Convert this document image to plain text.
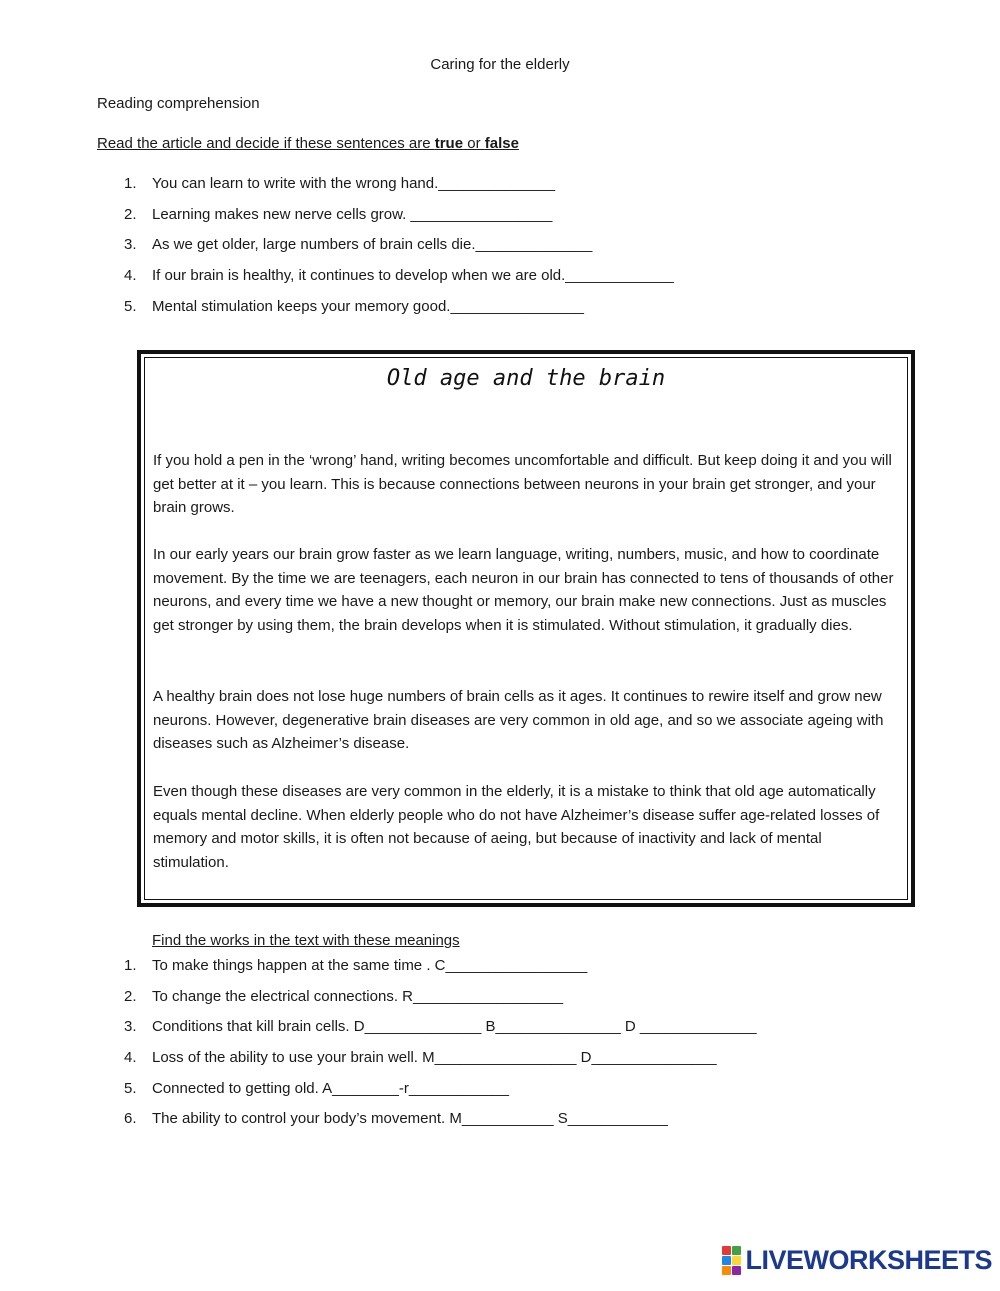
Caring for the elderly
Reading comprehension
Read the article and decide if these sentences are true or false
1. You can learn to write with the wrong hand.______________
2. Learning makes new nerve cells grow. _________________
3. As we get older, large numbers of brain cells die.______________
4. If our brain is healthy, it continues to develop when we are old._____________
5. Mental stimulation keeps your memory good.________________
Old age and the brain
If you hold a pen in the ‘wrong’ hand, writing becomes uncomfortable and difficult. But keep doing it and you will get better at it – you learn. This is because connections between neurons in your brain get stronger, and your brain grows.
In our early years our brain grow faster as we learn language, writing, numbers, music, and how to coordinate movement. By the time we are teenagers, each neuron in our brain has connected to tens of thousands of other neurons, and every time we have a new thought or memory, our brain make new connections. Just as muscles get stronger by using them, the brain develops when it is stimulated. Without stimulation, it gradually dies.
A healthy brain does not lose huge numbers of brain cells as it ages. It continues to rewire itself and grow new neurons. However, degenerative brain diseases are very common in old age, and so we associate ageing with diseases such as Alzheimer’s disease.
Even though these diseases are very common in the elderly, it is a mistake to think that old age automatically equals mental decline. When elderly people who do not have Alzheimer’s disease suffer age-related losses of memory and motor skills, it is often not because of aeing, but because of inactivity and lack of mental stimulation.
Find the works in the text with these meanings
1. To make things happen at the same time . C_________________
2. To change the electrical connections. R__________________
3. Conditions that kill brain cells. D______________ B_______________ D ______________
4. Loss of the ability to use your brain well. M_________________ D_______________
5. Connected to getting old. A________-r____________
6. The ability to control your body’s movement. M___________ S____________
LIVEWORKSHEETS
